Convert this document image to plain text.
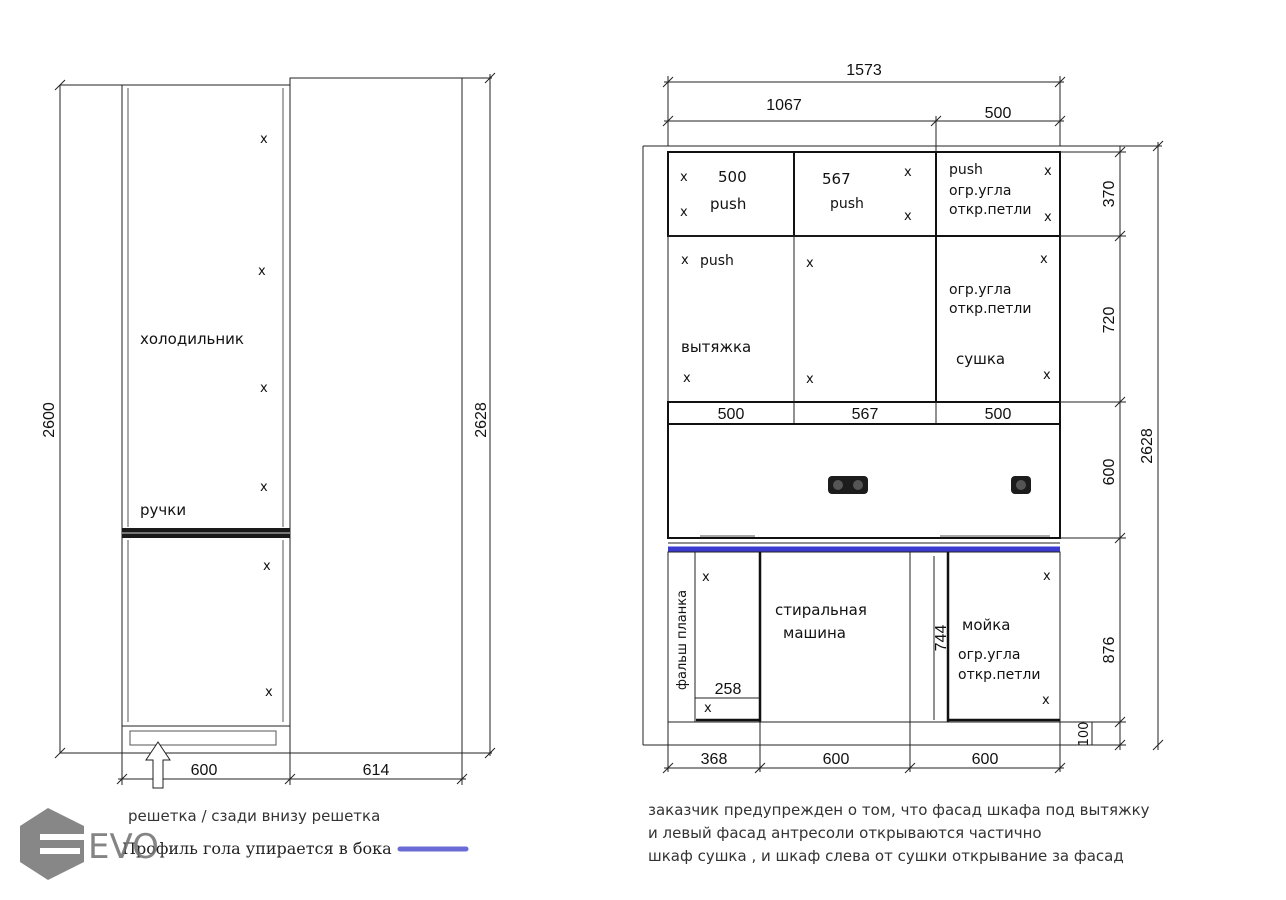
2600	2628
600	614
холодильник
ручки
x
x
x
x
x
x
решетка / сзади внизу решетка
Профиль гола упирается в бока
1573
1067	500
x
x
500
push
567
push
x
x
push
огр.угла
откр.петли
x
x
370
x push
вытяжка
x
x
x
x
огр.угла
откр.петли
сушка
x
720
500	567	500
600
2628
фальш планка
x
258
x
стиральная
машина	744 мойка
огр.угла
откр.петли
x
x
876
100
368	600	600
заказчик предупрежден о том, что фасад шкафа под вытяжку
и левый фасад антресоли открываются частично
шкаф сушка , и шкаф слева от сушки открывание за фасад
EVO
